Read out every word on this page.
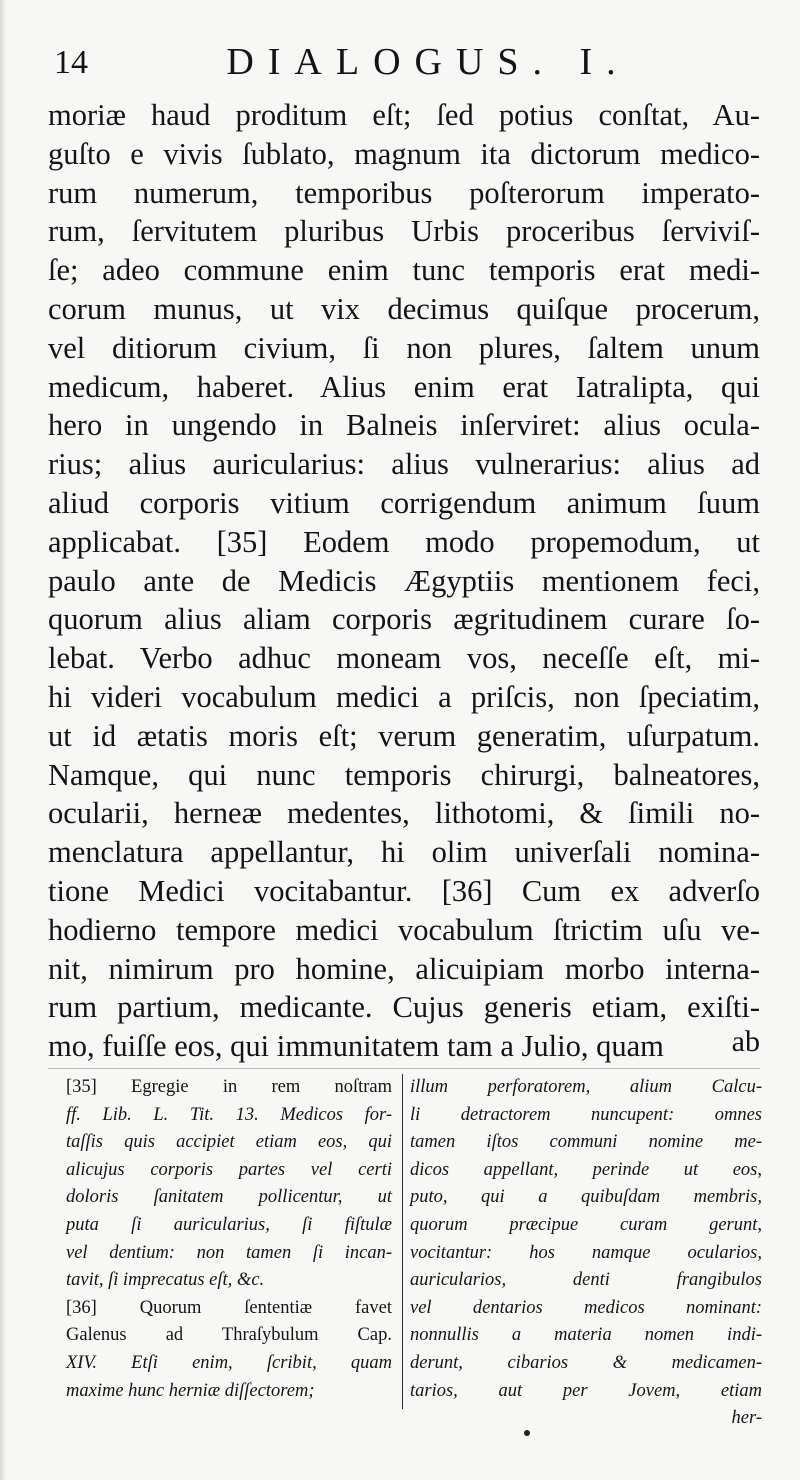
14	DIALOGUS. I.
moriæ haud proditum eſt; ſed potius conſtat, Au-
guſto e vivis ſublato, magnum ita dictorum medico-
rum numerum, temporibus poſterorum imperato-
rum, ſervitutem pluribus Urbis proceribus ſerviviſ-
ſe; adeo commune enim tunc temporis erat medi-
corum munus, ut vix decimus quiſque procerum,
vel ditiorum civium, ſi non plures, ſaltem unum
medicum, haberet. Alius enim erat Iatralipta, qui
hero in ungendo in Balneis inſerviret: alius ocula-
rius; alius auricularius: alius vulnerarius: alius ad
aliud corporis vitium corrigendum animum ſuum
applicabat. [35] Eodem modo propemodum, ut
paulo ante de Medicis Ægyptiis mentionem feci,
quorum alius aliam corporis ægritudinem curare ſo-
lebat. Verbo adhuc moneam vos, neceſſe eſt, mi-
hi videri vocabulum medici a priſcis, non ſpeciatim,
ut id ætatis moris eſt; verum generatim, uſurpatum.
Namque, qui nunc temporis chirurgi, balneatores,
ocularii, herneæ medentes, lithotomi, & ſimili no-
menclatura appellantur, hi olim univerſali nomina-
tione Medici vocitabantur. [36] Cum ex adverſo
hodierno tempore medici vocabulum ſtrictim uſu ve-
nit, nimirum pro homine, alicuipiam morbo interna-
rum partium, medicante. Cujus generis etiam, exiſti-
mo, fuiſſe eos, qui immunitatem tam a Julio, quam	ab
[35] Egregie in rem noſtram
ff. Lib. L. Tit. 13. Medicos for-
taſſis quis accipiet etiam eos, qui
alicujus corporis partes vel certi
doloris ſanitatem pollicentur, ut
puta ſi auricularius, ſi fiſtulæ
vel dentium: non tamen ſi incan-
tavit, ſi imprecatus eſt, &c.
[36] Quorum ſententiæ favet
Galenus ad Thraſybulum Cap.
XIV. Etſi enim, ſcribit, quam
maxime hunc herniæ diſſectorem;
illum perforatorem, alium Calcu-
li detractorem nuncupent: omnes
tamen iſtos communi nomine me-
dicos appellant, perinde ut eos,
puto, qui a quibuſdam membris,
quorum præcipue curam gerunt,
vocitantur: hos namque ocularios,
auricularios, denti frangibulos
vel dentarios medicos nominant:
nonnullis a materia nomen indi-
derunt, cibarios & medicamen-
tarios, aut per Jovem, etiam
her-
